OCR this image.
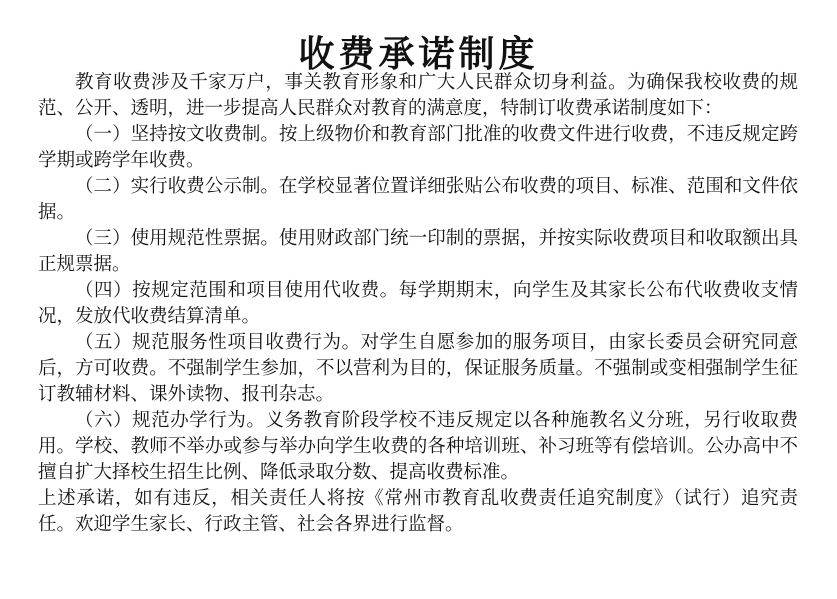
收费承诺制度

教育收费涉及千家万户，事关教育形象和广大人民群众切身利益。为确保我校收费的规范、公开、透明，进一步提高人民群众对教育的满意度，特制订收费承诺制度如下：

（一）坚持按文收费制。按上级物价和教育部门批准的收费文件进行收费，不违反规定跨学期或跨学年收费。

（二）实行收费公示制。在学校显著位置详细张贴公布收费的项目、标准、范围和文件依据。

（三）使用规范性票据。使用财政部门统一印制的票据，并按实际收费项目和收取额出具正规票据。

（四）按规定范围和项目使用代收费。每学期期末，向学生及其家长公布代收费收支情况，发放代收费结算清单。

（五）规范服务性项目收费行为。对学生自愿参加的服务项目，由家长委员会研究同意后，方可收费。不强制学生参加，不以营利为目的，保证服务质量。不强制或变相强制学生征订教辅材料、课外读物、报刊杂志。

（六）规范办学行为。义务教育阶段学校不违反规定以各种施教名义分班，另行收取费用。学校、教师不举办或参与举办向学生收费的各种培训班、补习班等有偿培训。公办高中不擅自扩大择校生招生比例、降低录取分数、提高收费标准。

上述承诺，如有违反，相关责任人将按《常州市教育乱收费责任追究制度》（试行）追究责任。欢迎学生家长、行政主管、社会各界进行监督。
